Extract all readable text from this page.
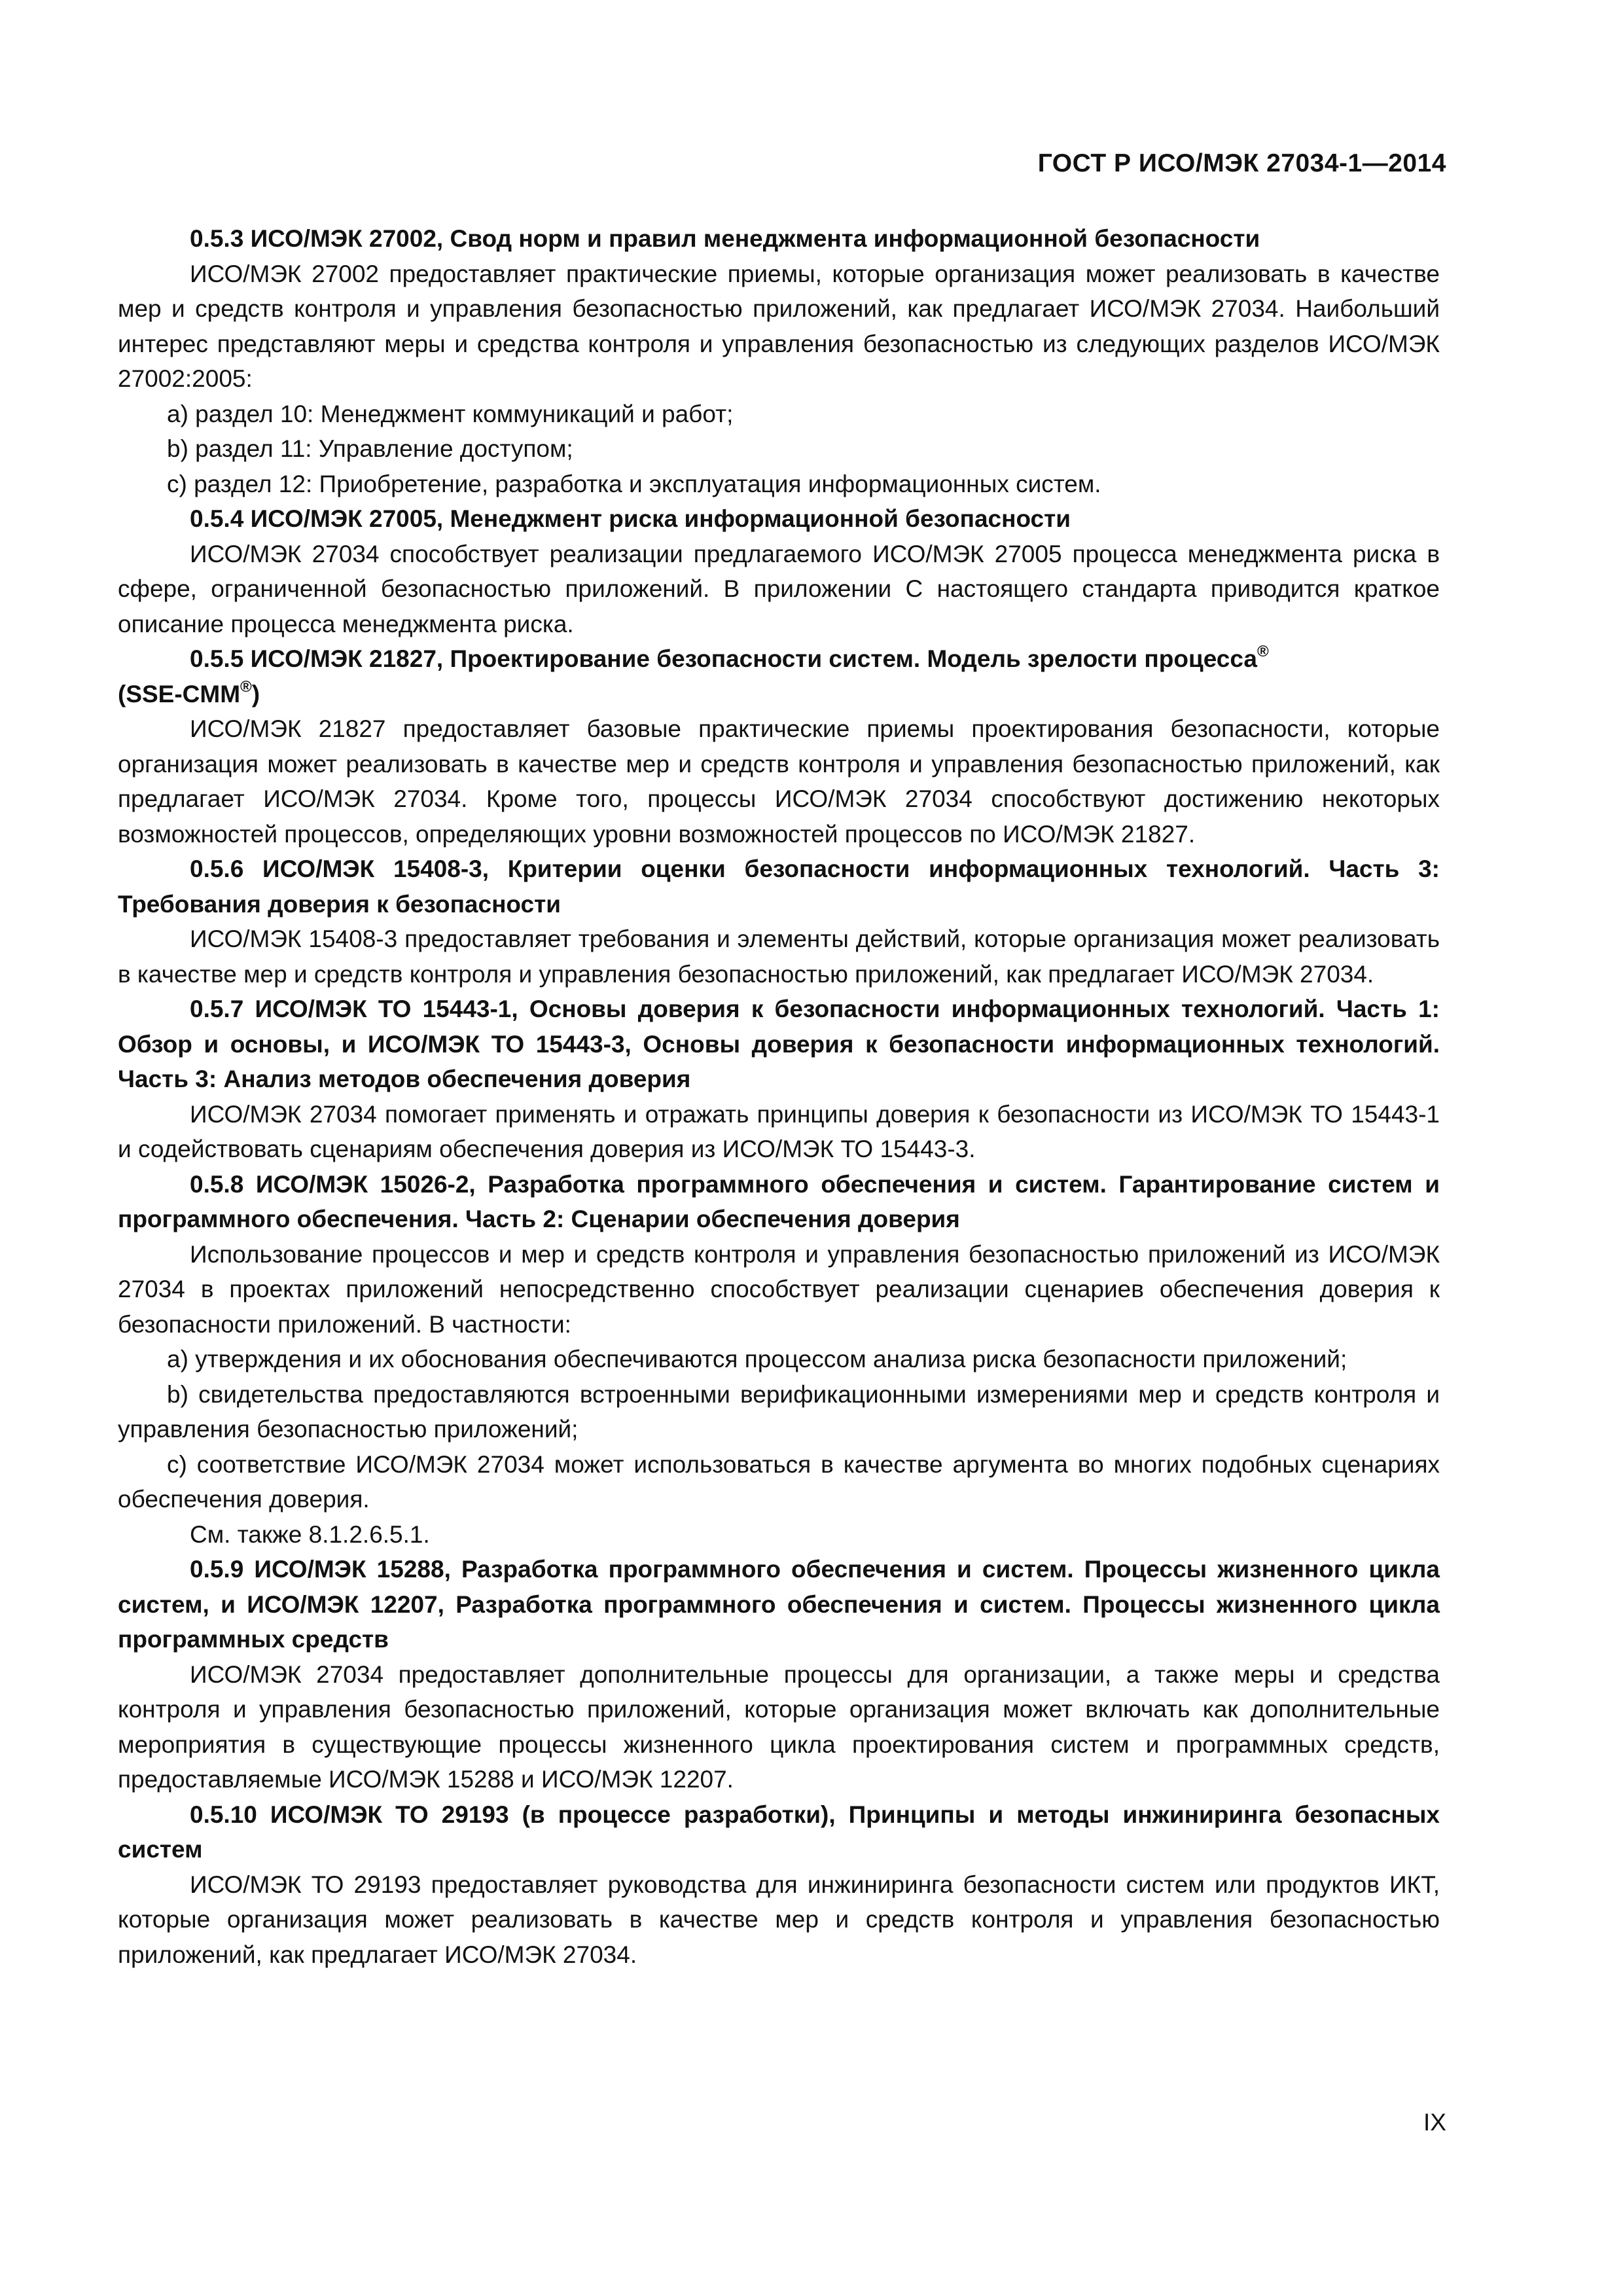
ГОСТ Р ИСО/МЭК 27034-1—2014

0.5.3 ИСО/МЭК 27002, Свод норм и правил менеджмента информационной безопасности

ИСО/МЭК 27002 предоставляет практические приемы, которые организация может реализовать в качестве мер и средств контроля и управления безопасностью приложений, как предлагает ИСО/МЭК 27034. Наибольший интерес представляют меры и средства контроля и управления безопасностью из следующих разделов ИСО/МЭК 27002:2005:

a) раздел 10: Менеджмент коммуникаций и работ;

b) раздел 11: Управление доступом;

c) раздел 12: Приобретение, разработка и эксплуатация информационных систем.

0.5.4 ИСО/МЭК 27005, Менеджмент риска информационной безопасности

ИСО/МЭК 27034 способствует реализации предлагаемого ИСО/МЭК 27005 процесса менеджмента риска в сфере, ограниченной безопасностью приложений. В приложении С настоящего стандарта приводится краткое описание процесса менеджмента риска.

0.5.5 ИСО/МЭК 21827, Проектирование безопасности систем. Модель зрелости процесса®
(SSE-CMM®)

ИСО/МЭК 21827 предоставляет базовые практические приемы проектирования безопасности, которые организация может реализовать в качестве мер и средств контроля и управления безопасностью приложений, как предлагает ИСО/МЭК 27034. Кроме того, процессы ИСО/МЭК 27034 способствуют достижению некоторых возможностей процессов, определяющих уровни возможностей процессов по ИСО/МЭК 21827.

0.5.6 ИСО/МЭК 15408-3, Критерии оценки безопасности информационных технологий. Часть 3: Требования доверия к безопасности

ИСО/МЭК 15408-3 предоставляет требования и элементы действий, которые организация может реализовать в качестве мер и средств контроля и управления безопасностью приложений, как предлагает ИСО/МЭК 27034.

0.5.7 ИСО/МЭК ТО 15443-1, Основы доверия к безопасности информационных технологий. Часть 1: Обзор и основы, и ИСО/МЭК ТО 15443-3, Основы доверия к безопасности информационных технологий. Часть 3: Анализ методов обеспечения доверия

ИСО/МЭК 27034 помогает применять и отражать принципы доверия к безопасности из ИСО/МЭК ТО 15443-1 и содействовать сценариям обеспечения доверия из ИСО/МЭК ТО 15443-3.

0.5.8 ИСО/МЭК 15026-2, Разработка программного обеспечения и систем. Гарантирование систем и программного обеспечения. Часть 2: Сценарии обеспечения доверия

Использование процессов и мер и средств контроля и управления безопасностью приложений из ИСО/МЭК 27034 в проектах приложений непосредственно способствует реализации сценариев обеспечения доверия к безопасности приложений. В частности:

a) утверждения и их обоснования обеспечиваются процессом анализа риска безопасности приложений;

b) свидетельства предоставляются встроенными верификационными измерениями мер и средств контроля и управления безопасностью приложений;

c) соответствие ИСО/МЭК 27034 может использоваться в качестве аргумента во многих подобных сценариях обеспечения доверия.

См. также 8.1.2.6.5.1.

0.5.9 ИСО/МЭК 15288, Разработка программного обеспечения и систем. Процессы жизненного цикла систем, и ИСО/МЭК 12207, Разработка программного обеспечения и систем. Процессы жизненного цикла программных средств

ИСО/МЭК 27034 предоставляет дополнительные процессы для организации, а также меры и средства контроля и управления безопасностью приложений, которые организация может включать как дополнительные мероприятия в существующие процессы жизненного цикла проектирования систем и программных средств, предоставляемые ИСО/МЭК 15288 и ИСО/МЭК 12207.

0.5.10 ИСО/МЭК ТО 29193 (в процессе разработки), Принципы и методы инжиниринга безопасных систем

ИСО/МЭК ТО 29193 предоставляет руководства для инжиниринга безопасности систем или продуктов ИКТ, которые организация может реализовать в качестве мер и средств контроля и управления безопасностью приложений, как предлагает ИСО/МЭК 27034.

IX
